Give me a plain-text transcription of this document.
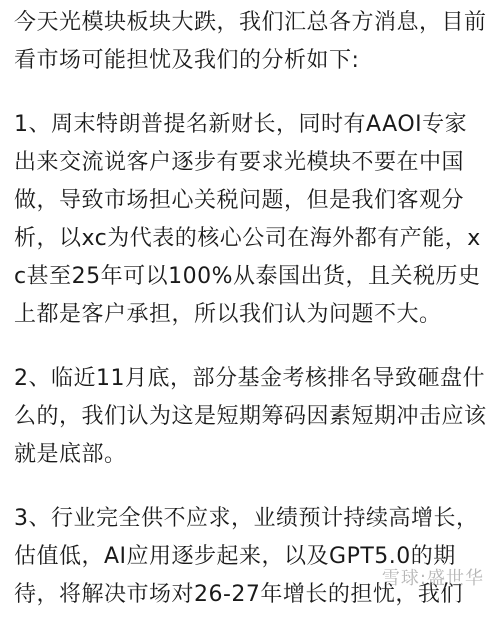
今天光模块板块大跌，我们汇总各方消息，目前看市场可能担忧及我们的分析如下:

1、周末特朗普提名新财长，同时有AAOI专家出来交流说客户逐步有要求光模块不要在中国做，导致市场担心关税问题，但是我们客观分析，以xc为代表的核心公司在海外都有产能，xc甚至25年可以100%从泰国出货，且关税历史上都是客户承担，所以我们认为问题不大。

2、临近11月底，部分基金考核排名导致砸盘什么的，我们认为这是短期筹码因素短期冲击应该就是底部。

3、行业完全供不应求，业绩预计持续高增长，估值低，AI应用逐步起来，以及GPT5.0的期待，将解决市场对26-27年增长的担忧，我们

雪球:盛世华
